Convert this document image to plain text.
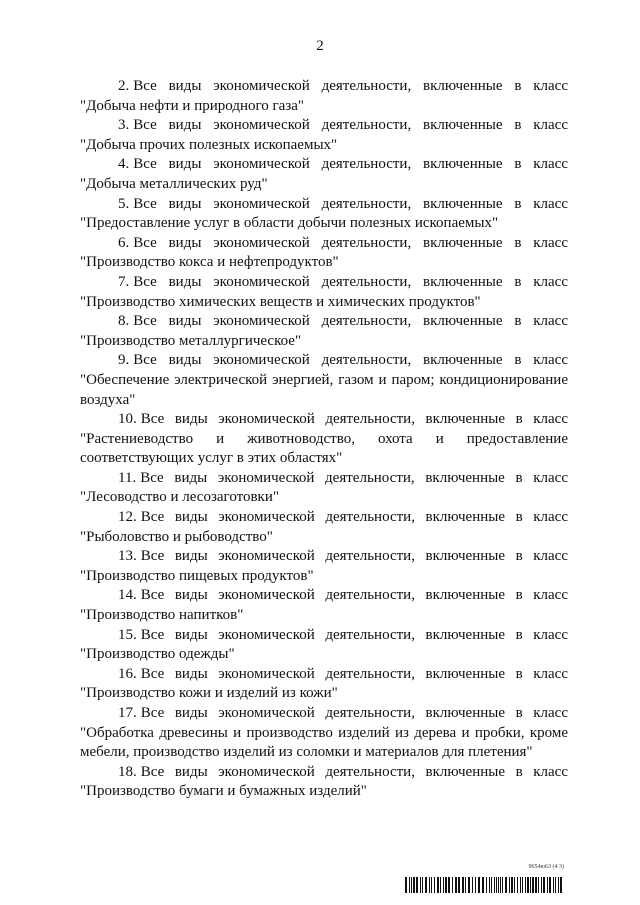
2
2. Все виды экономической деятельности, включенные в класс
"Добыча нефти и природного газа"
3. Все виды экономической деятельности, включенные в класс
"Добыча прочих полезных ископаемых"
4. Все виды экономической деятельности, включенные в класс
"Добыча металлических руд"
5. Все виды экономической деятельности, включенные в класс
"Предоставление услуг в области добычи полезных ископаемых"
6. Все виды экономической деятельности, включенные в класс
"Производство кокса и нефтепродуктов"
7. Все виды экономической деятельности, включенные в класс
"Производство химических веществ и химических продуктов"
8. Все виды экономической деятельности, включенные в класс
"Производство металлургическое"
9. Все виды экономической деятельности, включенные в класс
"Обеспечение электрической энергией, газом и паром; кондиционирование
воздуха"
10. Все виды экономической деятельности, включенные в класс
"Растениеводство и животноводство, охота и предоставление
соответствующих услуг в этих областях"
11. Все виды экономической деятельности, включенные в класс
"Лесоводство и лесозаготовки"
12. Все виды экономической деятельности, включенные в класс
"Рыболовство и рыбоводство"
13. Все виды экономической деятельности, включенные в класс
"Производство пищевых продуктов"
14. Все виды экономической деятельности, включенные в класс
"Производство напитков"
15. Все виды экономической деятельности, включенные в класс
"Производство одежды"
16. Все виды экономической деятельности, включенные в класс
"Производство кожи и изделий из кожи"
17. Все виды экономической деятельности, включенные в класс
"Обработка древесины и производство изделий из дерева и пробки, кроме
мебели, производство изделий из соломки и материалов для плетения"
18. Все виды экономической деятельности, включенные в класс
"Производство бумаги и бумажных изделий"
9654ю63 (4 3)
